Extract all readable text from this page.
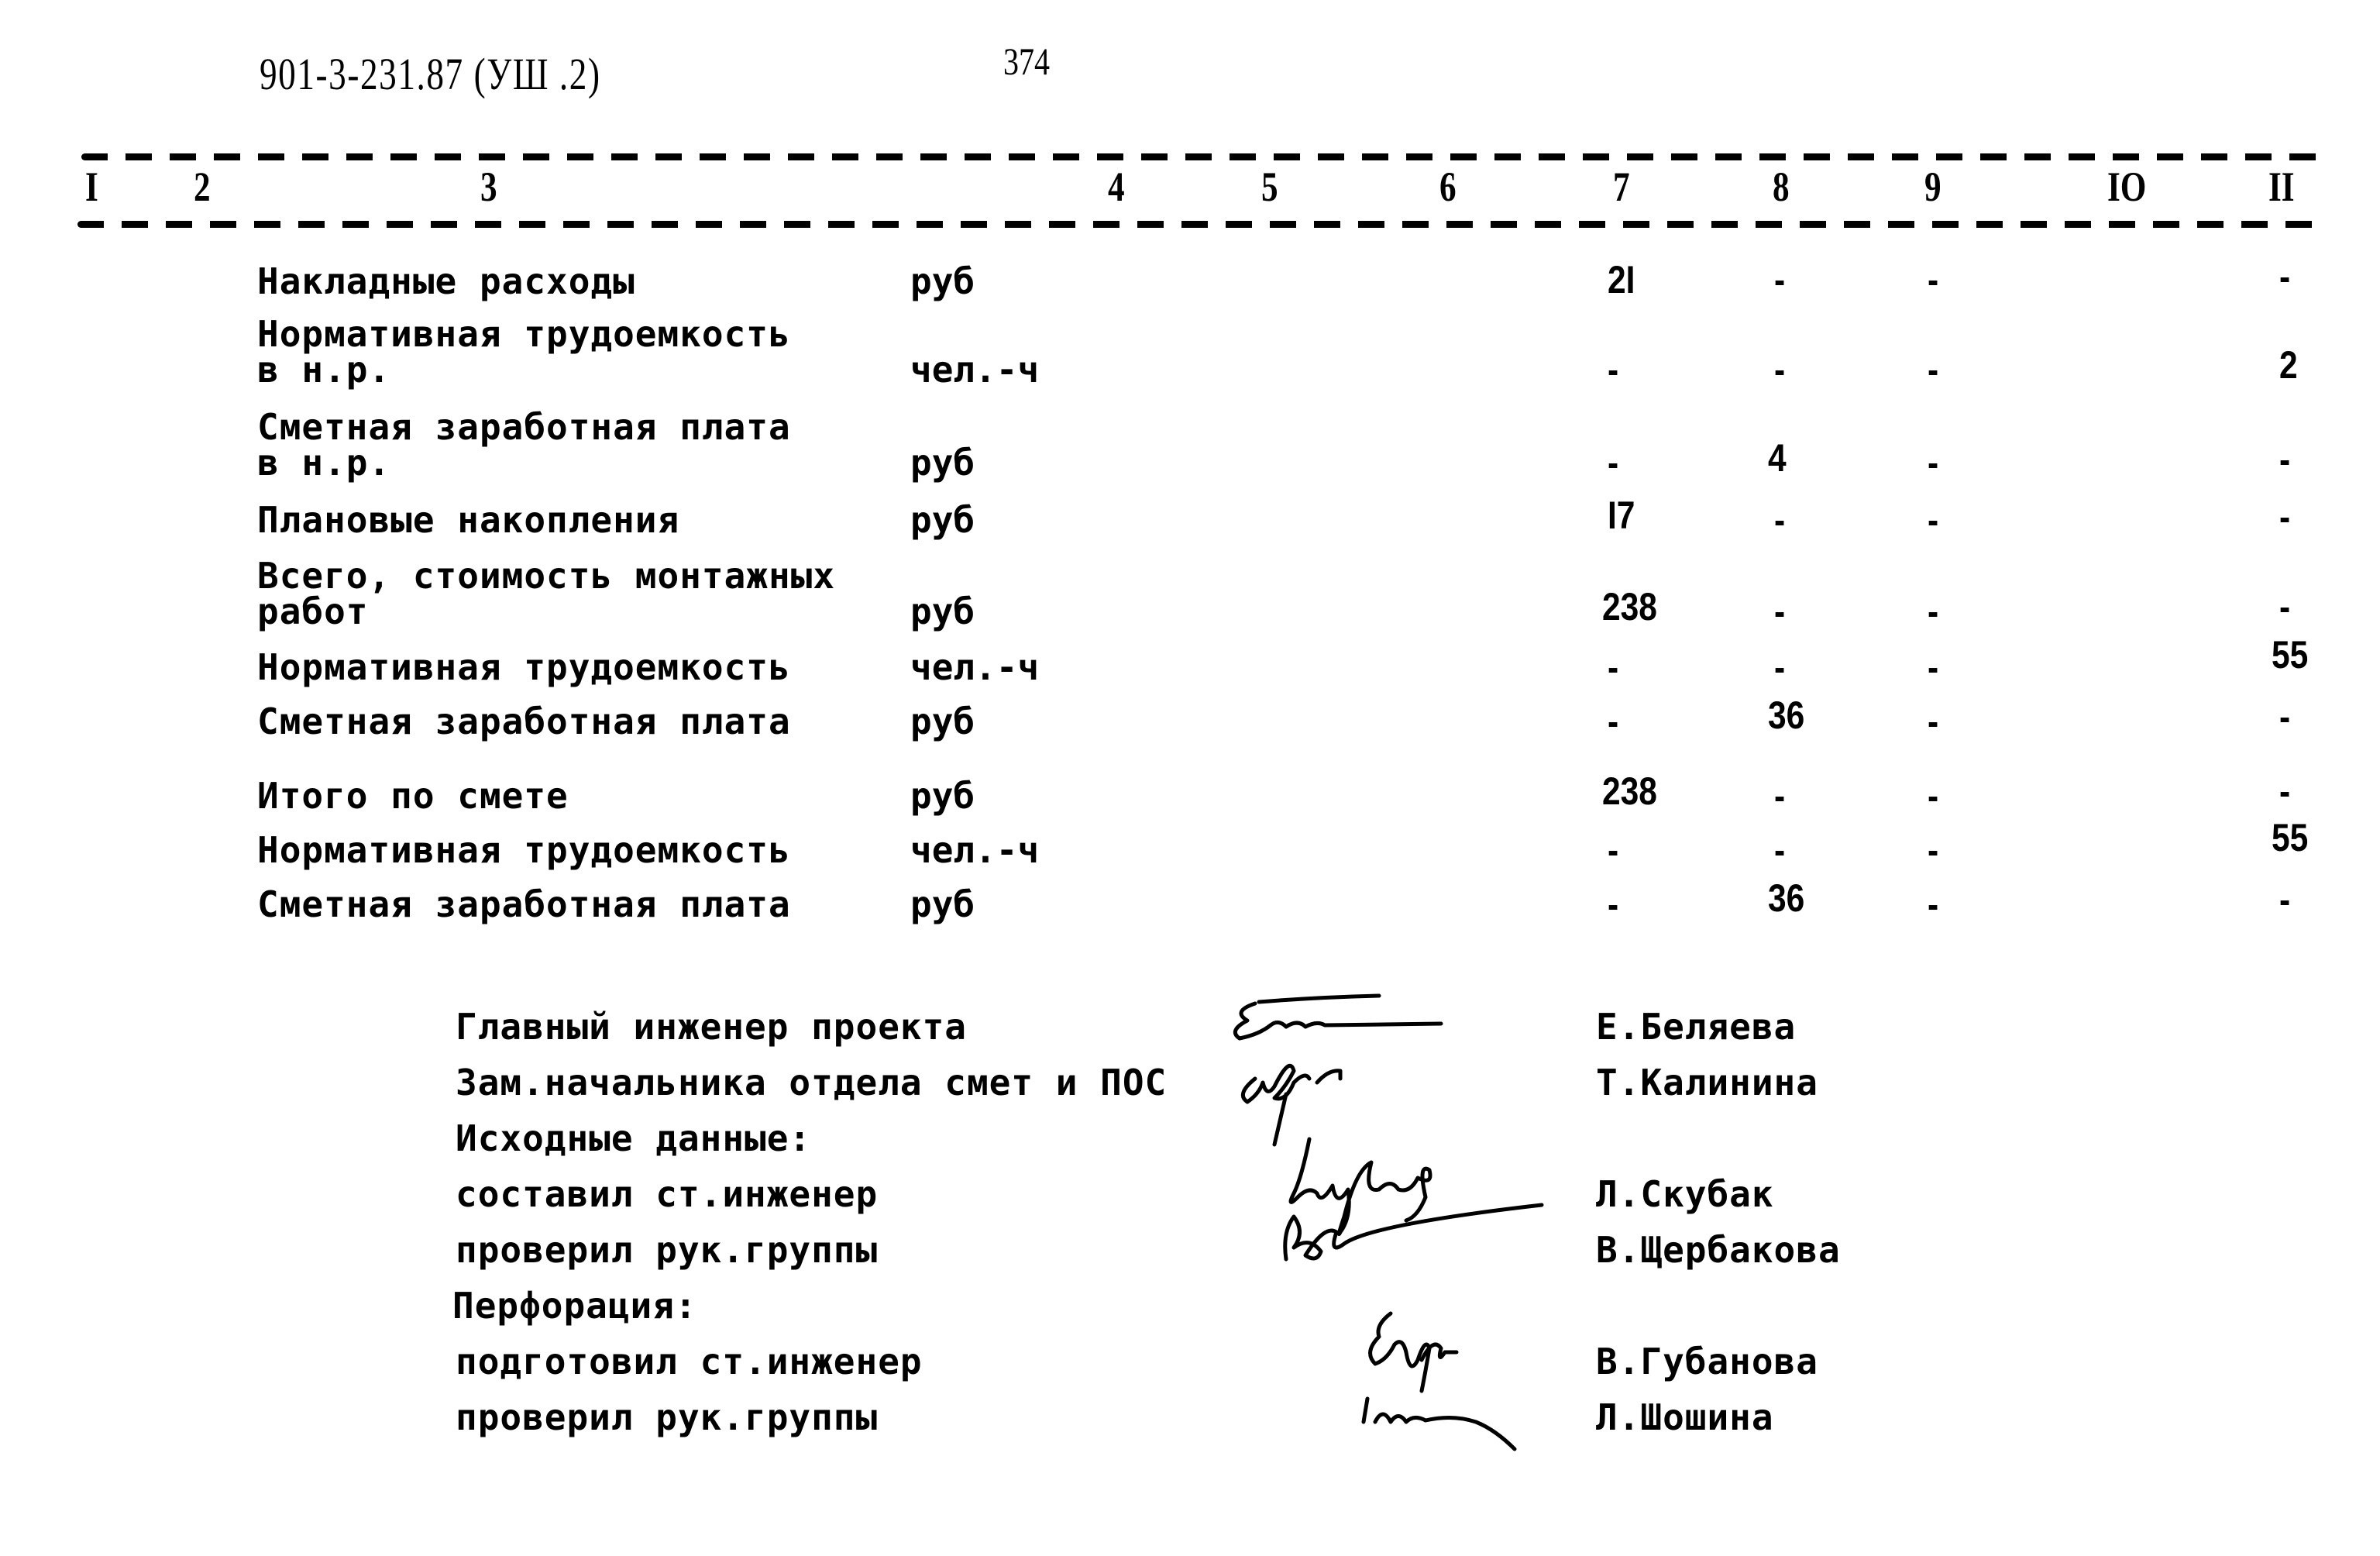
901-3-231.87 (УШ .2)	374
I 2	3	4	5	6	7	8	9	IO	II
Накладные расходы	руб	2I	-	-	-
Нормативная трудоемкость
в н.р.	чел.-ч	-	-	-	2
Сметная заработная плата
в н.р.	руб	-	4	-	-
Плановые накопления	руб	I7	-	-	-
Всего, стоимость монтажных
работ	руб	238	-	-	-
Нормативная трудоемкость	чел.-ч	-	-	-	55
Сметная заработная плата	руб	-	36	-	-
Итого по смете	руб	238	-	-	-
Нормативная трудоемкость	чел.-ч	-	-	-	55
Сметная заработная плата	руб	-	36	-	-
Главный инженер проекта	Е.Беляева
Зам.начальника отдела смет и ПОС	Т.Калинина
Исходные данные:
составил ст.инженер	Л.Скубак
проверил рук.группы	В.Щербакова
Перфорация:
подготовил ст.инженер	В.Губанова
проверил рук.группы	Л.Шошина
